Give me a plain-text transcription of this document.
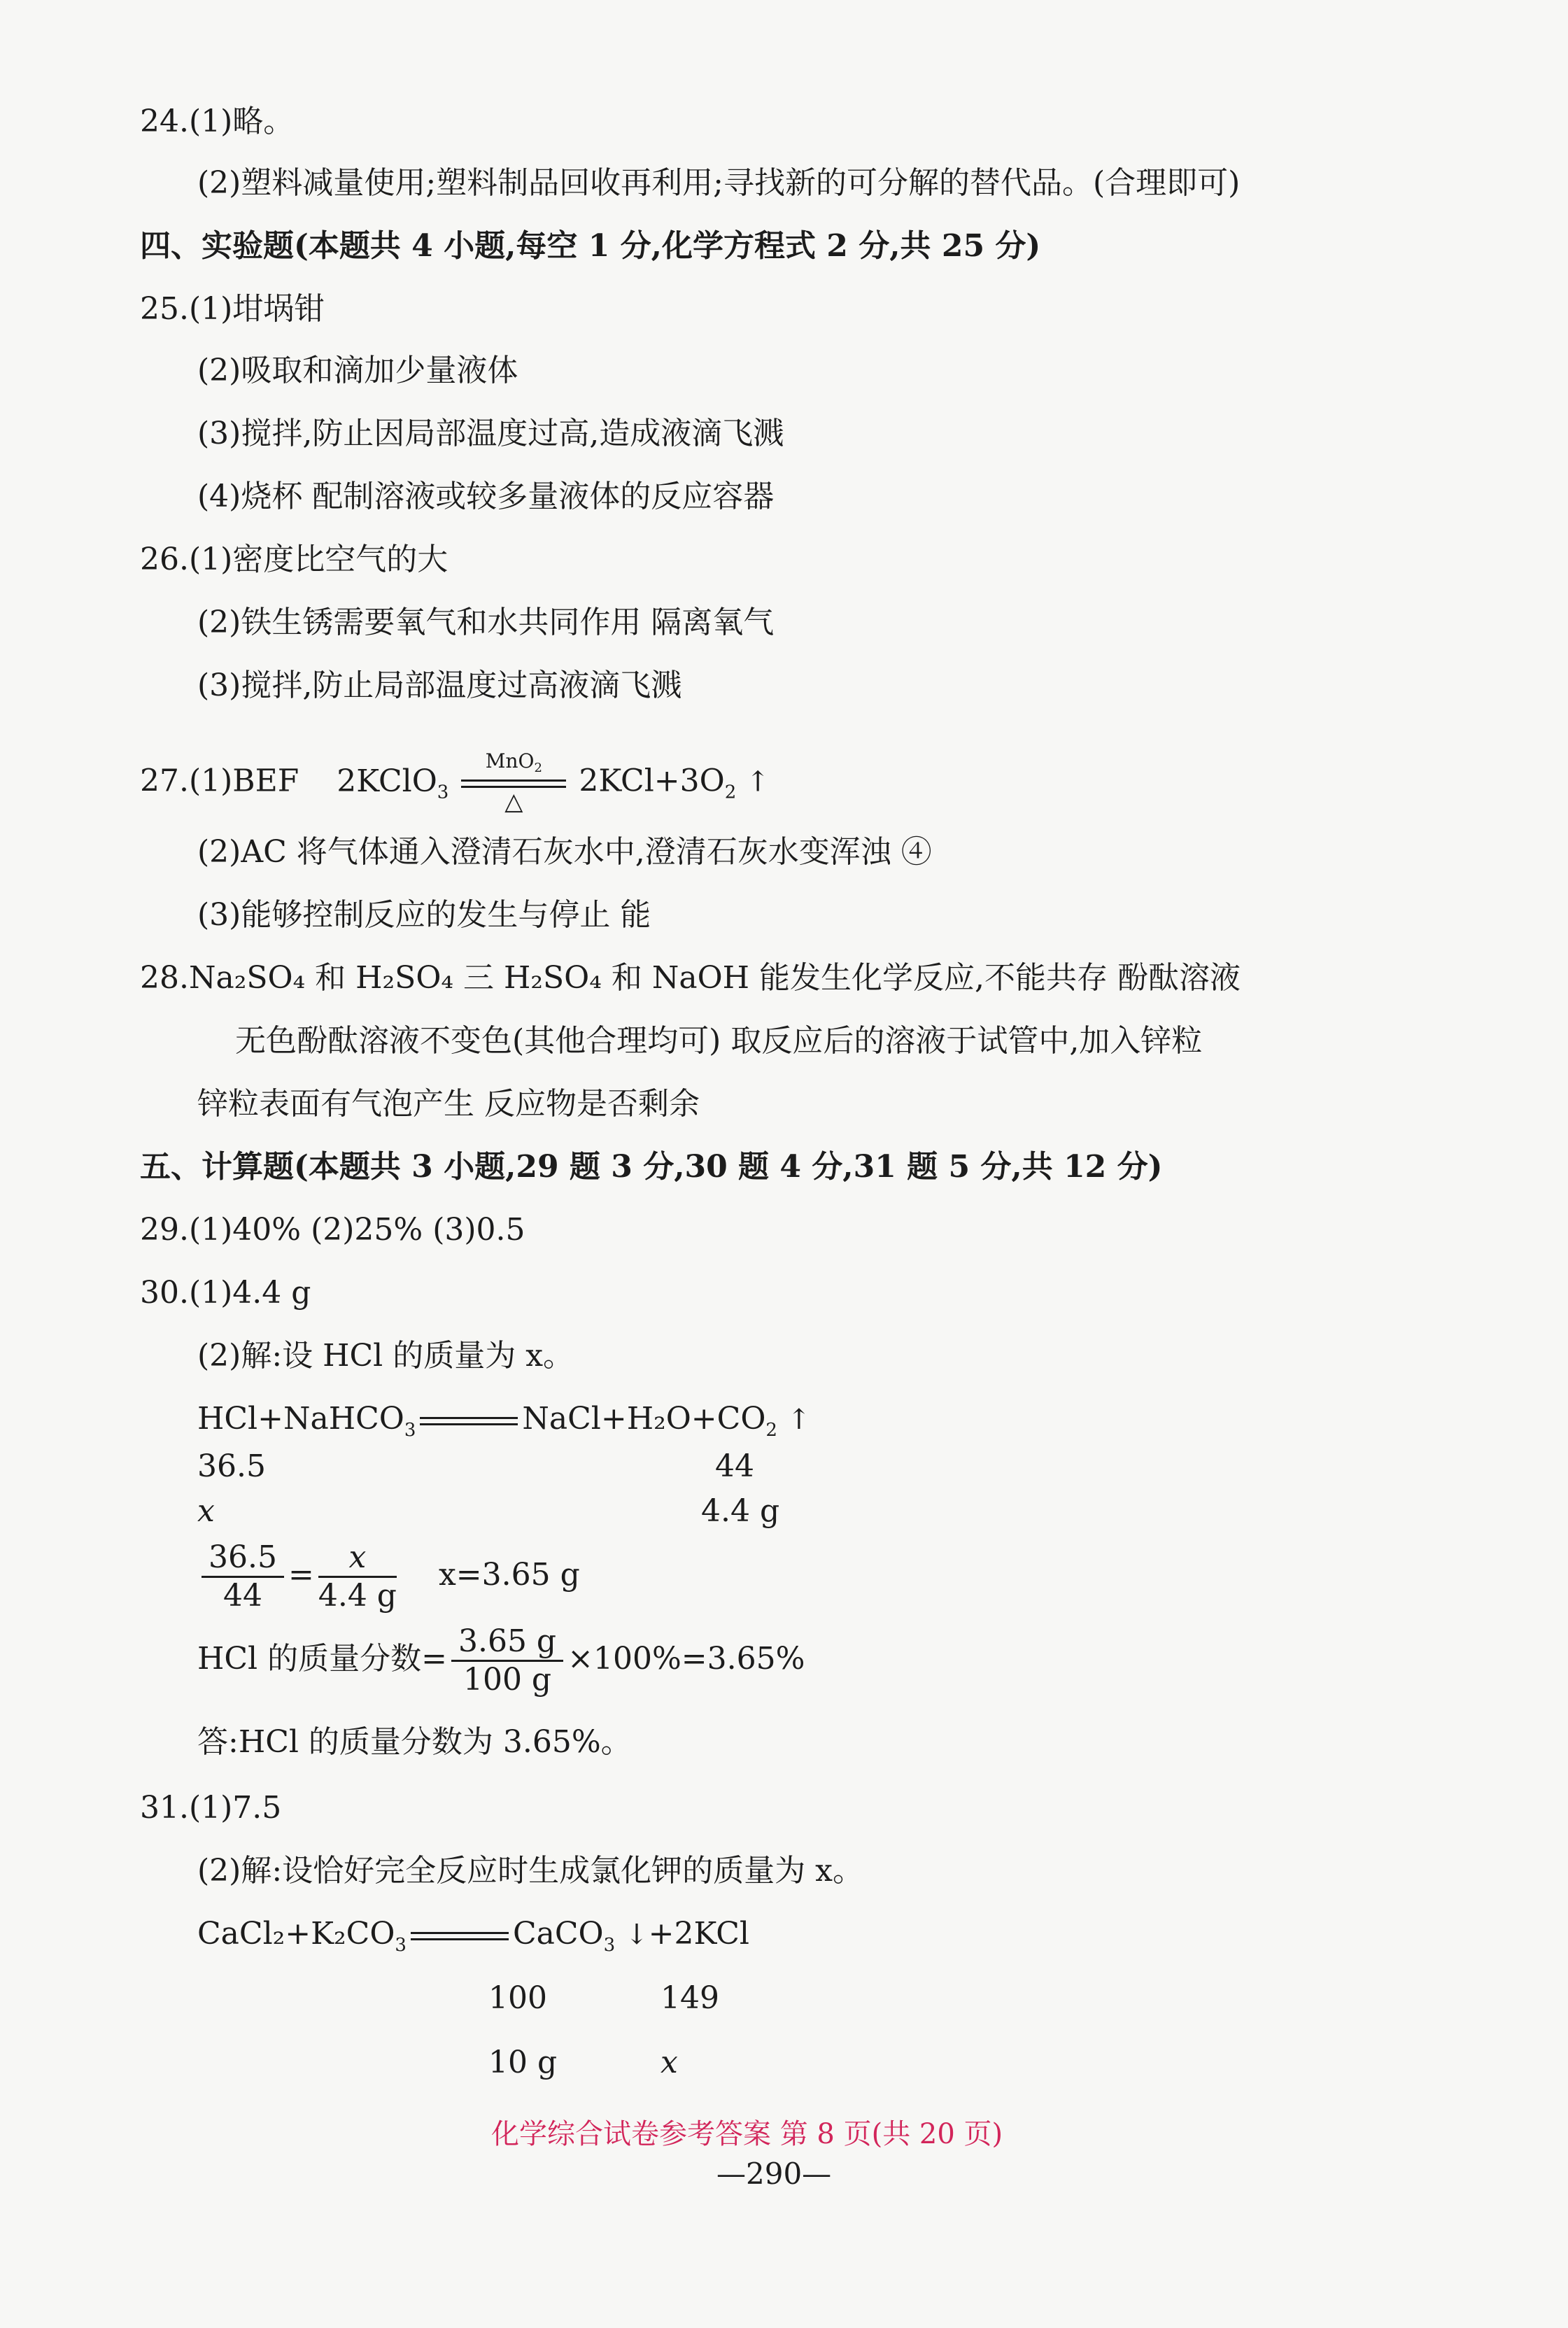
24.(1)略。
(2)塑料减量使用;塑料制品回收再利用;寻找新的可分解的替代品。(合理即可)
四、实验题(本题共 4 小题,每空 1 分,化学方程式 2 分,共 25 分)
25.(1)坩埚钳
(2)吸取和滴加少量液体
(3)搅拌,防止因局部温度过高,造成液滴飞溅
(4)烧杯 配制溶液或较多量液体的反应容器
26.(1)密度比空气的大
(2)铁生锈需要氧气和水共同作用 隔离氧气
(3)搅拌,防止局部温度过高液滴飞溅
27.(1)BEF 2KClO$_3$
MnO$_2$
△
$2KCl+3O_2$ ↑
(2)AC 将气体通入澄清石灰水中,澄清石灰水变浑浊 ④
(3)能够控制反应的发生与停止 能
28.Na₂SO₄ 和 H₂SO₄ 三 H₂SO₄ 和 NaOH 能发生化学反应,不能共存 酚酞溶液
无色酚酞溶液不变色(其他合理均可) 取反应后的溶液于试管中,加入锌粒
锌粒表面有气泡产生 反应物是否剩余
五、计算题(本题共 3 小题,29 题 3 分,30 题 4 分,31 题 5 分,共 12 分)
29.(1)40% (2)25% (3)0.5
30.(1)4.4 g
(2)解:设 HCl 的质量为 x。
HCl+NaHCO$_3$	$NaCl+H_2O+CO_2$ ↑
36.5	44
x	4.4 g
$\frac{36.5}{44} = \frac{x}{4.4 g} x=3.65$ g
HCl 的质量分数= $\frac{3.65 g}{100 g} \times 100\%=3.65\%$
答:HCl 的质量分数为 3.65%。
31.(1)7.5
(2)解:设恰好完全反应时生成氯化钾的质量为 x。
$CaCl_2+K_2CO_3$	CaCO$_3$ ↓+2KCl
100	149
10 g	x
化学综合试卷参考答案 第 8 页(共 20 页)
—290—
